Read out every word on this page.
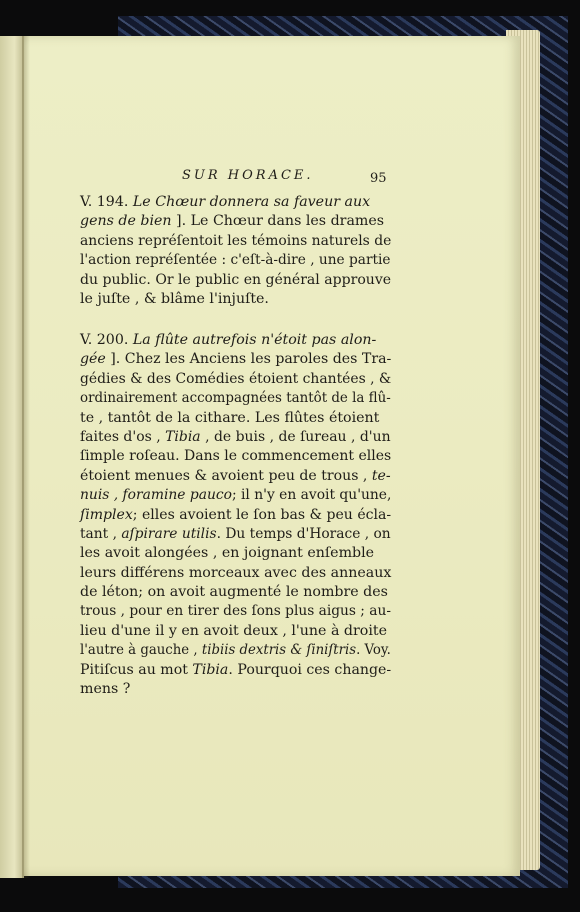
SUR HORACE.	95
V. 194. Le Chœur donnera sa faveur aux
gens de bien ]. Le Chœur dans les drames
anciens repréſentoit les témoins naturels de
l'action repréſentée : c'eſt-à-dire , une partie
du public. Or le public en général approuve
le juſte , & blâme l'injuſte.
V. 200. La flûte autrefois n'étoit pas alon-
gée ]. Chez les Anciens les paroles des Tra-
gédies & des Comédies étoient chantées , &
ordinairement accompagnées tantôt de la flû-
te , tantôt de la cithare. Les flûtes étoient
faites d'os , Tibia , de buis , de ſureau , d'un
ſimple roſeau. Dans le commencement elles
étoient menues & avoient peu de trous , te-
nuis , foramine pauco; il n'y en avoit qu'une,
ſimplex; elles avoient le ſon bas & peu écla-
tant , aſpirare utilis. Du temps d'Horace , on
les avoit alongées , en joignant enſemble
leurs différens morceaux avec des anneaux
de léton; on avoit augmenté le nombre des
trous , pour en tirer des ſons plus aigus ; au-
lieu d'une il y en avoit deux , l'une à droite
l'autre à gauche , tibiis dextris & ſiniſtris. Voy.
Pitiſcus au mot Tibia. Pourquoi ces change-
mens ?
